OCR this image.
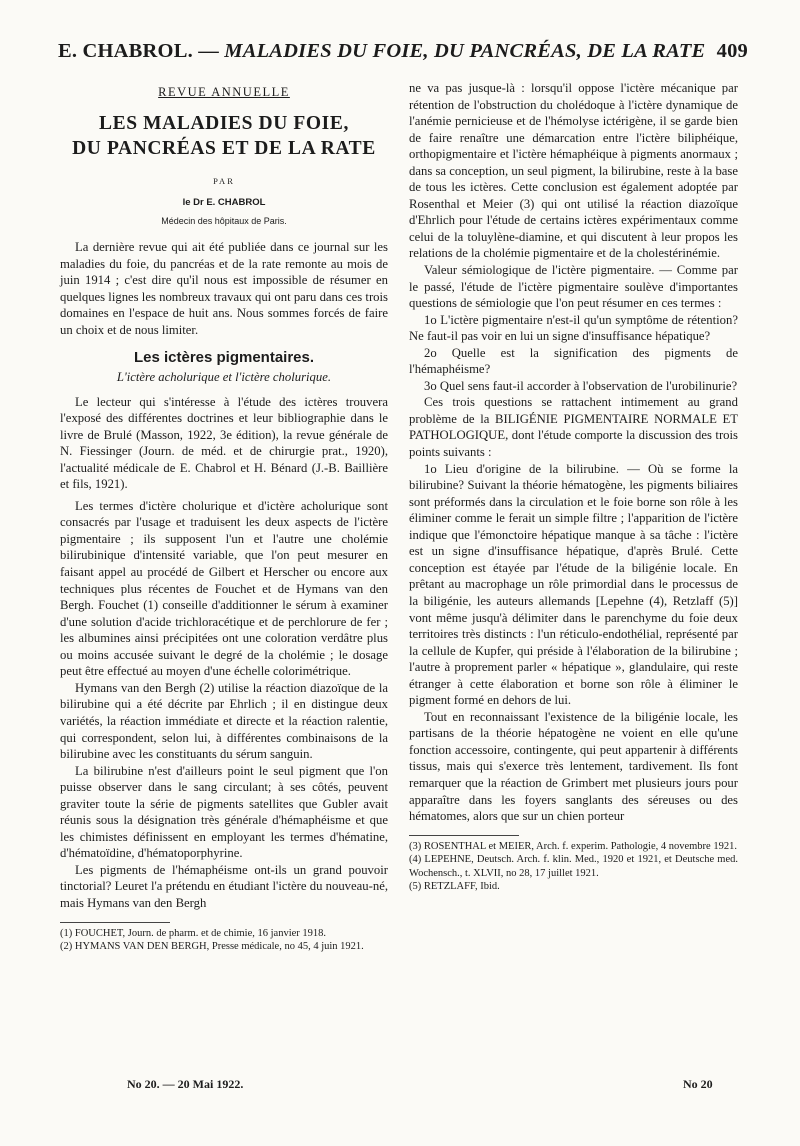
E. CHABROL. — MALADIES DU FOIE, DU PANCRÉAS, DE LA RATE 409
REVUE ANNUELLE
LES MALADIES DU FOIE,
DU PANCRÉAS ET DE LA RATE
PAR
le Dr E. CHABROL
Médecin des hôpitaux de Paris.

La dernière revue qui ait été publiée dans ce journal sur les maladies du foie, du pancréas et de la rate remonte au mois de juin 1914 ; c'est dire qu'il nous est impossible de résumer en quelques lignes les nombreux travaux qui ont paru dans ces trois domaines en l'espace de huit ans. Nous sommes forcés de faire un choix et de nous limiter.

Les ictères pigmentaires.
L'ictère acholurique et l'ictère cholurique.

Le lecteur qui s'intéresse à l'étude des ictères trouvera l'exposé des différentes doctrines et leur bibliographie dans le livre de Brulé (Masson, 1922, 3e édition), la revue générale de N. Fiessinger (Journ. de méd. et de chirurgie prat., 1920), l'actualité médicale de E. Chabrol et H. Bénard (J.-B. Baillière et fils, 1921).

Les termes d'ictère cholurique et d'ictère acholurique sont consacrés par l'usage et traduisent les deux aspects de l'ictère pigmentaire ; ils supposent l'un et l'autre une cholémie bilirubinique d'intensité variable, que l'on peut mesurer en faisant appel au procédé de Gilbert et Herscher ou encore aux techniques plus récentes de Fouchet et de Hymans van den Bergh. Fouchet (1) conseille d'additionner le sérum à examiner d'une solution d'acide trichloracétique et de perchlorure de fer ; les albumines ainsi précipitées ont une coloration verdâtre plus ou moins accusée suivant le degré de la cholémie ; le dosage peut être effectué au moyen d'une échelle colorimétrique.

Hymans van den Bergh (2) utilise la réaction diazoïque de la bilirubine qui a été décrite par Ehrlich ; il en distingue deux variétés, la réaction immédiate et directe et la réaction ralentie, qui correspondent, selon lui, à différentes combinaisons de la bilirubine avec les constituants du sérum sanguin.

La bilirubine n'est d'ailleurs point le seul pigment que l'on puisse observer dans le sang circulant; à ses côtés, peuvent graviter toute la série de pigments satellites que Gubler avait réunis sous la désignation très générale d'hémaphéisme et que les chimistes définissent en employant les termes d'hématine, d'hématoïdine, d'hématoporphyrine.

Les pigments de l'hémaphéisme ont-ils un grand pouvoir tinctorial? Leuret l'a prétendu en étudiant l'ictère du nouveau-né, mais Hymans van den Bergh

(1) FOUCHET, Journ. de pharm. et de chimie, 16 janvier 1918.

(2) HYMANS VAN DEN BERGH, Presse médicale, no 45, 4 juin 1921.

ne va pas jusque-là : lorsqu'il oppose l'ictère mécanique par rétention de l'obstruction du cholédoque à l'ictère dynamique de l'anémie pernicieuse et de l'hémolyse ictérigène, il se garde bien de faire renaître une démarcation entre l'ictère biliphéique, orthopigmentaire et l'ictère hémaphéique à pigments anormaux ; dans sa conception, un seul pigment, la bilirubine, reste à la base de tous les ictères. Cette conclusion est également adoptée par Rosenthal et Meier (3) qui ont utilisé la réaction diazoïque d'Ehrlich pour l'étude de certains ictères expérimentaux comme celui de la toluylène-diamine, et qui discutent à leur propos les relations de la cholémie pigmentaire et de la cholestérinémie.

Valeur sémiologique de l'ictère pigmentaire. — Comme par le passé, l'étude de l'ictère pigmentaire soulève d'importantes questions de sémiologie que l'on peut résumer en ces termes :

1o L'ictère pigmentaire n'est-il qu'un symptôme de rétention? Ne faut-il pas voir en lui un signe d'insuffisance hépatique?

2o Quelle est la signification des pigments de l'hémaphéisme?

3o Quel sens faut-il accorder à l'observation de l'urobilinurie?

Ces trois questions se rattachent intimement au grand problème de la BILIGÉNIE PIGMENTAIRE NORMALE ET PATHOLOGIQUE, dont l'étude comporte la discussion des trois points suivants :

1o Lieu d'origine de la bilirubine. — Où se forme la bilirubine? Suivant la théorie hématogène, les pigments biliaires sont préformés dans la circulation et le foie borne son rôle à les éliminer comme le ferait un simple filtre ; l'apparition de l'ictère indique que l'émonctoire hépatique manque à sa tâche : l'ictère est un signe d'insuffisance hépatique, d'après Brulé. Cette conception est étayée par l'étude de la biligénie locale. En prêtant au macrophage un rôle primordial dans le processus de la biligénie, les auteurs allemands [Lepehne (4), Retzlaff (5)] vont même jusqu'à délimiter dans le parenchyme du foie deux territoires très distincts : l'un réticulo-endothélial, représenté par la cellule de Kupfer, qui préside à l'élaboration de la bilirubine ; l'autre à proprement parler « hépatique », glandulaire, qui reste étranger à cette élaboration et borne son rôle à éliminer le pigment formé en dehors de lui.

Tout en reconnaissant l'existence de la biligénie locale, les partisans de la théorie hépatogène ne voient en elle qu'une fonction accessoire, contingente, qui peut appartenir à différents tissus, mais qui s'exerce très lentement, tardivement. Ils font remarquer que la réaction de Grimbert met plusieurs jours pour apparaître dans les foyers sanglants des séreuses ou des hématomes, alors que sur un chien porteur

(3) ROSENTHAL et MEIER, Arch. f. experim. Pathologie, 4 novembre 1921.

(4) LEPEHNE, Deutsch. Arch. f. klin. Med., 1920 et 1921, et Deutsche med. Wochensch., t. XLVII, no 28, 17 juillet 1921.

(5) RETZLAFF, Ibid.

No 20. — 20 Mai 1922.	No 20
